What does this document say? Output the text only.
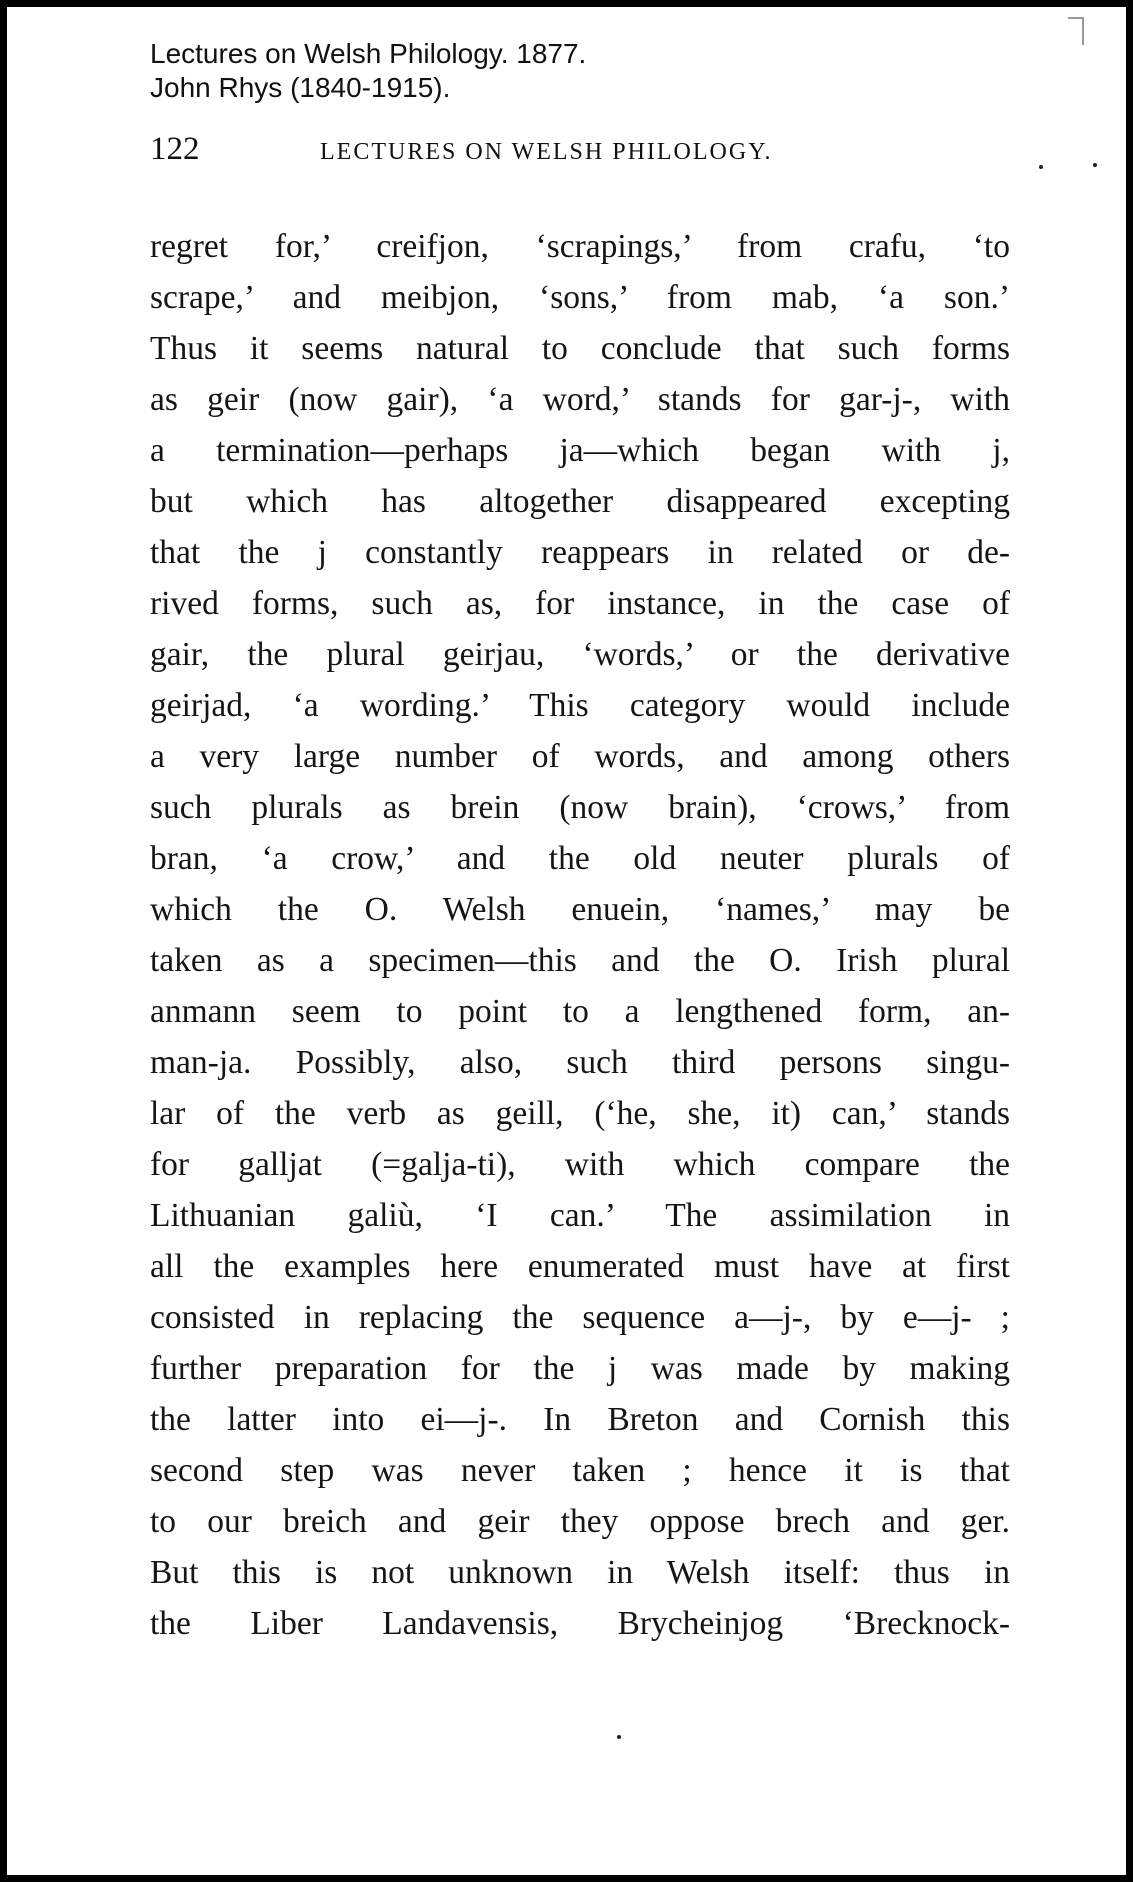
Lectures on Welsh Philology. 1877.
John Rhys (1840-1915).
122	LECTURES ON WELSH PHILOLOGY.
regret for,’ creifjon, ‘scrapings,’ from crafu, ‘to
scrape,’ and meibjon, ‘sons,’ from mab, ‘a son.’
Thus it seems natural to conclude that such forms
as geir (now gair), ‘a word,’ stands for gar-j-, with
a termination—perhaps ja—which began with j,
but which has altogether disappeared excepting
that the j constantly reappears in related or de-
rived forms, such as, for instance, in the case of
gair, the plural geirjau, ‘words,’ or the derivative
geirjad, ‘a wording.’ This category would include
a very large number of words, and among others
such plurals as brein (now brain), ‘crows,’ from
bran, ‘a crow,’ and the old neuter plurals of
which the O. Welsh enuein, ‘names,’ may be
taken as a specimen—this and the O. Irish plural
anmann seem to point to a lengthened form, an-
man-ja. Possibly, also, such third persons singu-
lar of the verb as geill, (‘he, she, it) can,’ stands
for galljat (=galja-ti), with which compare the
Lithuanian galiù, ‘I can.’ The assimilation in
all the examples here enumerated must have at first
consisted in replacing the sequence a—j-, by e—j- ;
further preparation for the j was made by making
the latter into ei—j-. In Breton and Cornish this
second step was never taken ; hence it is that
to our breich and geir they oppose brech and ger.
But this is not unknown in Welsh itself: thus in
the Liber Landavensis, Brycheinjog ‘Brecknock-
